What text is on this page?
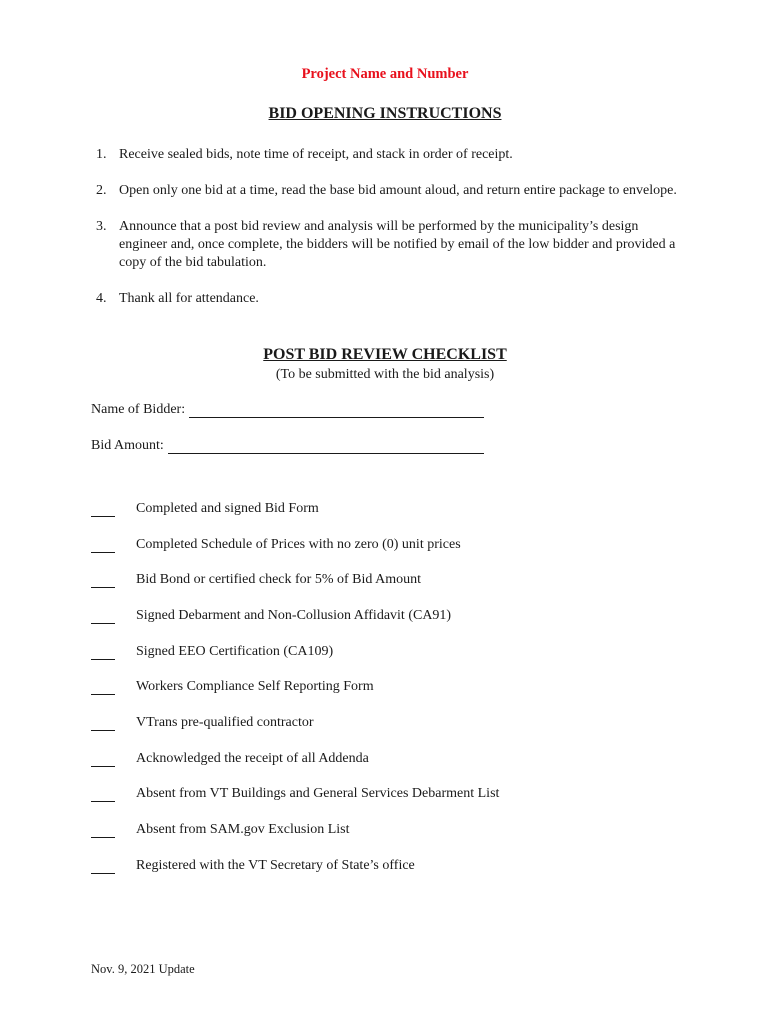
Project Name and Number
BID OPENING INSTRUCTIONS
1. Receive sealed bids, note time of receipt, and stack in order of receipt.
2. Open only one bid at a time, read the base bid amount aloud, and return entire package to envelope.
3. Announce that a post bid review and analysis will be performed by the municipality’s design engineer and, once complete, the bidders will be notified by email of the low bidder and provided a copy of the bid tabulation.
4. Thank all for attendance.
POST BID REVIEW CHECKLIST
(To be submitted with the bid analysis)
Name of Bidder:
Bid Amount:
Completed and signed Bid Form
Completed Schedule of Prices with no zero (0) unit prices
Bid Bond or certified check for 5% of Bid Amount
Signed Debarment and Non-Collusion Affidavit (CA91)
Signed EEO Certification (CA109)
Workers Compliance Self Reporting Form
VTrans pre-qualified contractor
Acknowledged the receipt of all Addenda
Absent from VT Buildings and General Services Debarment List
Absent from SAM.gov Exclusion List
Registered with the VT Secretary of State’s office
Nov. 9, 2021 Update
